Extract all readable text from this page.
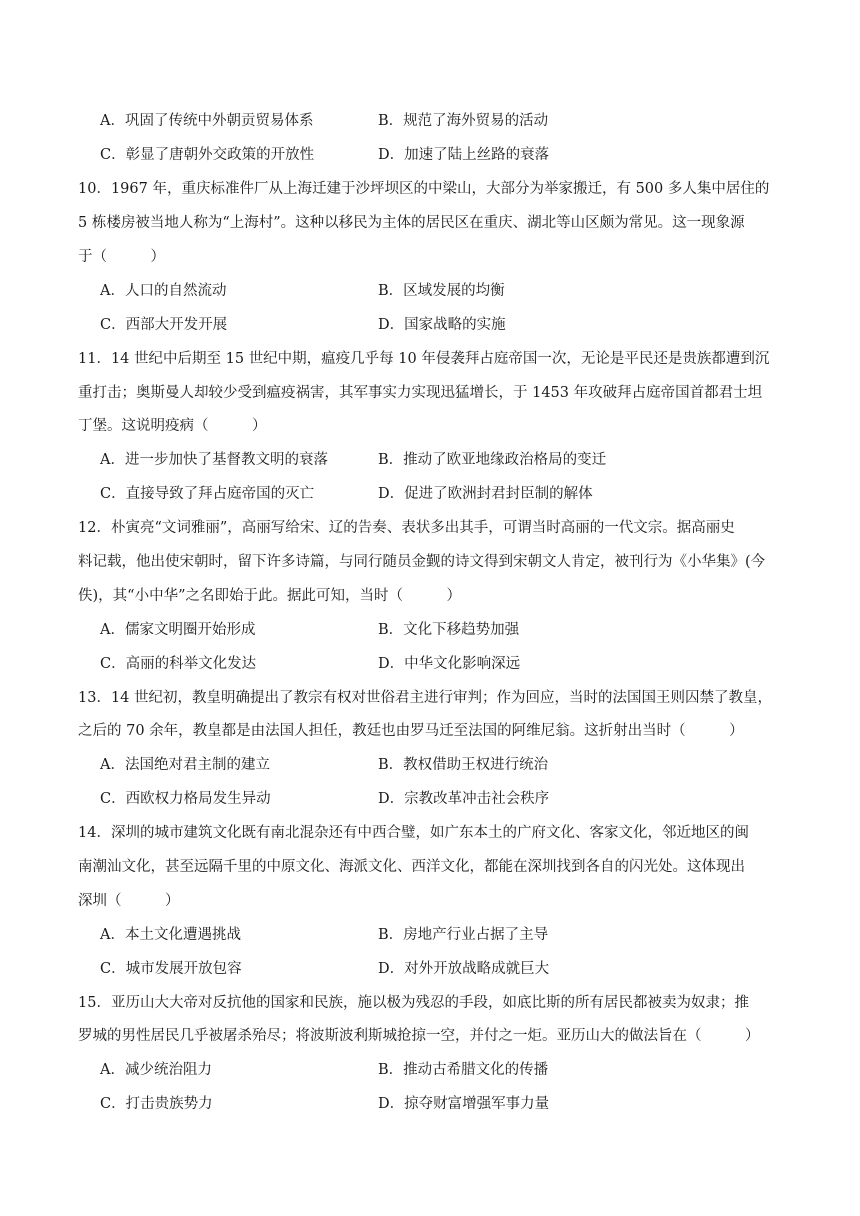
A．巩固了传统中外朝贡贸易体系	B．规范了海外贸易的活动
C．彰显了唐朝外交政策的开放性	D．加速了陆上丝路的衰落
10．1967 年，重庆标准件厂从上海迁建于沙坪坝区的中梁山，大部分为举家搬迁，有 500 多人集中居住的
5 栋楼房被当地人称为“上海村”。这种以移民为主体的居民区在重庆、湖北等山区颇为常见。这一现象源
于（　　　）
A．人口的自然流动	B．区域发展的均衡
C．西部大开发开展	D．国家战略的实施
11．14 世纪中后期至 15 世纪中期，瘟疫几乎每 10 年侵袭拜占庭帝国一次，无论是平民还是贵族都遭到沉
重打击；奥斯曼人却较少受到瘟疫祸害，其军事实力实现迅猛增长，于 1453 年攻破拜占庭帝国首都君士坦
丁堡。这说明疫病（　　　）
A．进一步加快了基督教文明的衰落	B．推动了欧亚地缘政治格局的变迁
C．直接导致了拜占庭帝国的灭亡	D．促进了欧洲封君封臣制的解体
12．朴寅亮“文词雅丽”，高丽写给宋、辽的告奏、表状多出其手，可谓当时高丽的一代文宗。据高丽史
料记载，他出使宋朝时，留下许多诗篇，与同行随员金觐的诗文得到宋朝文人肯定，被刊行为《小华集》(今
佚)，其“小中华”之名即始于此。据此可知，当时（　　　）
A．儒家文明圈开始形成	B．文化下移趋势加强
C．高丽的科举文化发达	D．中华文化影响深远
13．14 世纪初，教皇明确提出了教宗有权对世俗君主进行审判；作为回应，当时的法国国王则囚禁了教皇，
之后的 70 余年，教皇都是由法国人担任，教廷也由罗马迁至法国的阿维尼翁。这折射出当时（　　　）
A．法国绝对君主制的建立	B．教权借助王权进行统治
C．西欧权力格局发生异动	D．宗教改革冲击社会秩序
14．深圳的城市建筑文化既有南北混杂还有中西合璧，如广东本土的广府文化、客家文化，邻近地区的闽
南潮汕文化，甚至远隔千里的中原文化、海派文化、西洋文化，都能在深圳找到各自的闪光处。这体现出
深圳（　　　）
A．本土文化遭遇挑战	B．房地产行业占据了主导
C．城市发展开放包容	D．对外开放战略成就巨大
15．亚历山大大帝对反抗他的国家和民族，施以极为残忍的手段，如底比斯的所有居民都被卖为奴隶；推
罗城的男性居民几乎被屠杀殆尽；将波斯波利斯城抢掠一空，并付之一炬。亚历山大的做法旨在（　　　）
A．减少统治阻力	B．推动古希腊文化的传播
C．打击贵族势力	D．掠夺财富增强军事力量
